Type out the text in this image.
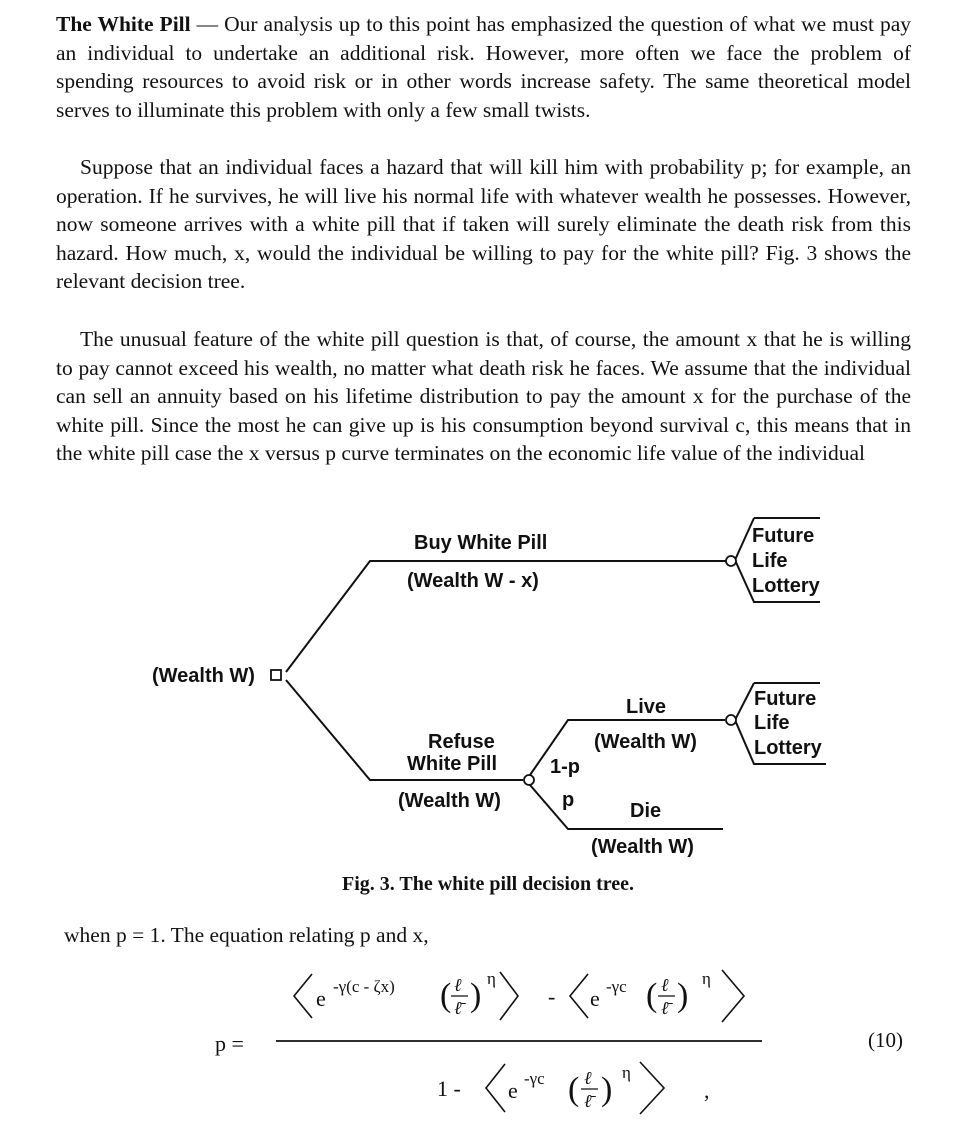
The White Pill — Our analysis up to this point has emphasized the question of what we must pay an individual to undertake an additional risk. However, more often we face the problem of spending resources to avoid risk or in other words increase safety. The same theoretical model serves to illuminate this problem with only a few small twists.

Suppose that an individual faces a hazard that will kill him with probability p; for example, an operation. If he survives, he will live his normal life with whatever wealth he possesses. However, now someone arrives with a white pill that if taken will surely eliminate the death risk from this hazard. How much, x, would the individual be willing to pay for the white pill? Fig. 3 shows the relevant decision tree.

The unusual feature of the white pill question is that, of course, the amount x that he is willing to pay cannot exceed his wealth, no matter what death risk he faces. We assume that the individual can sell an annuity based on his lifetime distribution to pay the amount x for the purchase of the white pill. Since the most he can give up is his consumption beyond survival c, this means that in the white pill case the x versus p curve terminates on the economic life value of the individual

(Wealth W)
Buy White Pill
(Wealth W - x)
Future
Life
Lottery
Refuse
White Pill
(Wealth W)
1-p
p
Live
(Wealth W)
Future
Life
Lottery
Die
(Wealth W)
Fig. 3. The white pill decision tree.
when p = 1. The equation relating p and x,
p =
e -γ(c - ζx) ( ℓ
ℓ̄ ) η
- e -γc ( ℓ
ℓ̄ ) η
1 - e -γc ( ℓ
ℓ̄ ) η
,
(10)
